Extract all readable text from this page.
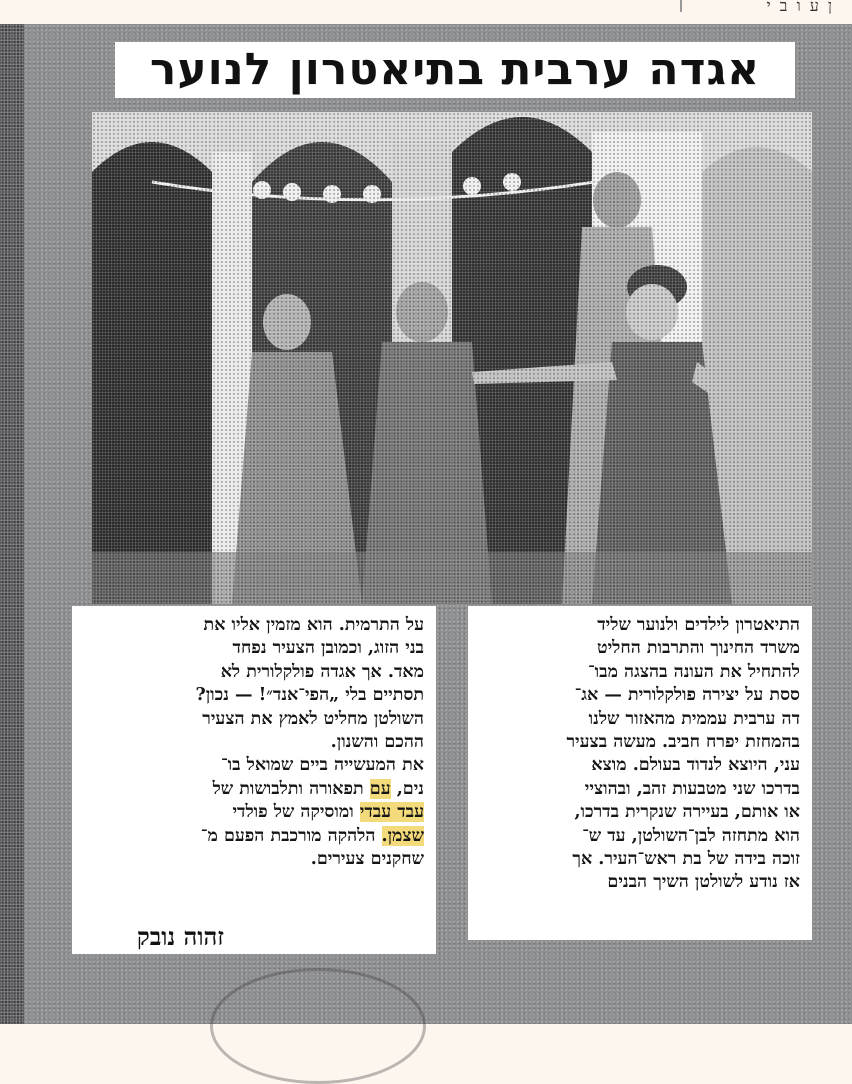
ן ע ו ב י
אגדה ערבית בתיאטרון לנוער

התיאטרון לילדים ולנוער שליד

משרד החינוך והתרבות החליט

להתחיל את העונה בהצגה מבו־

ססת על יצירה פולקלורית — אג־

דה ערבית עממית מהאזור שלנו

בהמחזת יפרח חביב. מעשה בצעיר

עני, היוצא לנדוד בעולם. מוצא

בדרכו שני מטבעות זהב, ובהוציי

או אותם, בעיירה שנקרית בדרכו,

הוא מתחזה לבן־השולטן, עד ש־

זוכה בידה של בת ראש־העיר. אך

אז נודע לשולטן השיך הבנים

על התרמית. הוא מזמין אליו את

בני הזוג, וכמובן הצעיר נפחד

מאד. אך אגדה פולקלורית לא

תסתיים בלי „הפי־אנד״! — נכון?

השולטן מחליט לאמץ את הצעיר

ההכם והשנון.

את המעשייה ביים שמואל בו־

נים, עם תפאורה ותלבושות של

עבד עבדי ומוסיקה של פולדי

שצמן. הלהקה מורכבת הפעם מ־

שחקנים צעירים.

זהוה נובק
